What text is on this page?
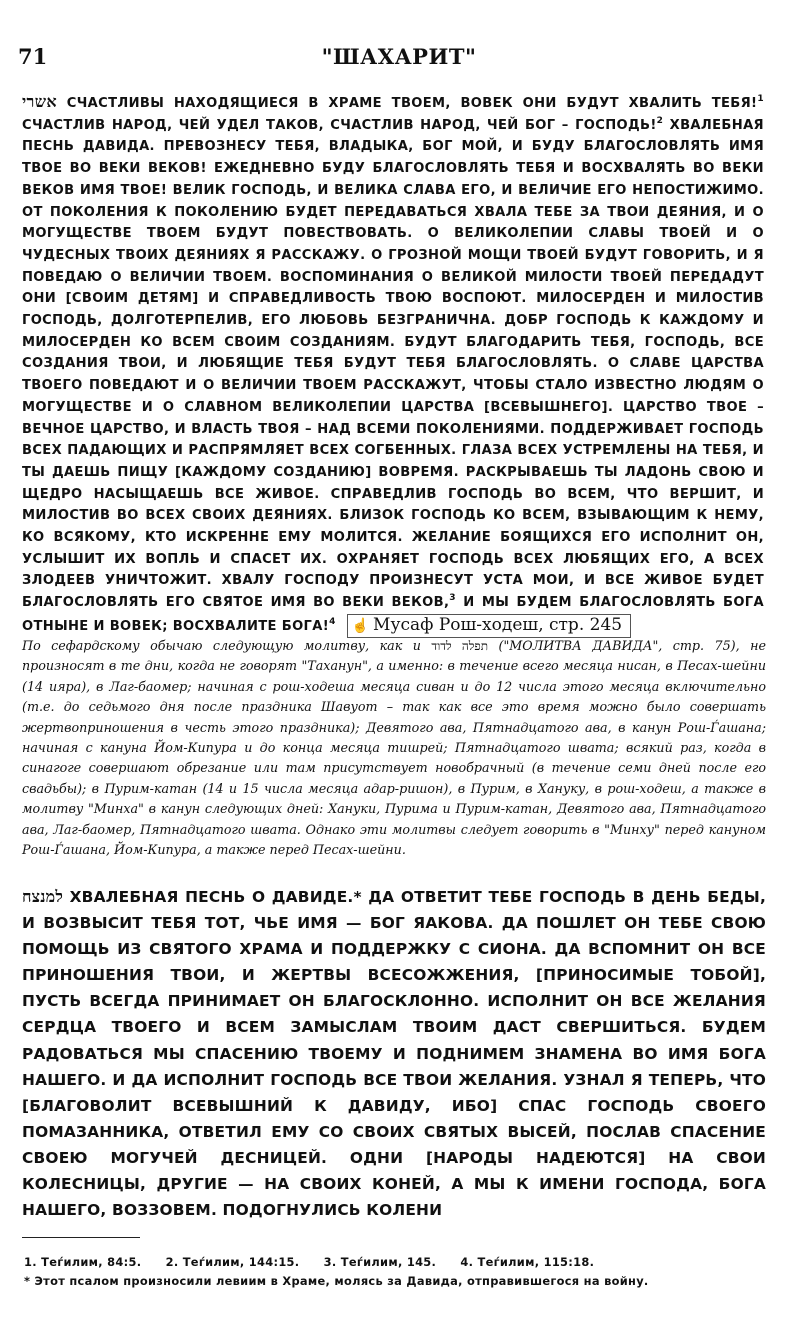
71	"ШАХАРИТ"
אשרי СЧАСТЛИВЫ НАХОДЯЩИЕСЯ В ХРАМЕ ТВОЕМ, ВОВЕК ОНИ БУДУТ ХВАЛИТЬ ТЕБЯ!$^1$ СЧАСТЛИВ НАРОД, ЧЕЙ УДЕЛ ТАКОВ, СЧАСТЛИВ НАРОД, ЧЕЙ БОГ – ГОСПОДЬ!$^2$ ХВАЛЕБНАЯ ПЕСНЬ ДАВИДА. ПРЕВОЗНЕСУ ТЕБЯ, ВЛАДЫКА, БОГ МОЙ, И БУДУ БЛАГОСЛОВЛЯТЬ ИМЯ ТВОЕ ВО ВЕКИ ВЕКОВ! ЕЖЕДНЕВНО БУДУ БЛАГОСЛОВЛЯТЬ ТЕБЯ И ВОСХВАЛЯТЬ ВО ВЕКИ ВЕКОВ ИМЯ ТВОЕ! ВЕЛИК ГОСПОДЬ, И ВЕЛИКА СЛАВА ЕГО, И ВЕЛИЧИЕ ЕГО НЕПОСТИЖИМО. ОТ ПОКОЛЕНИЯ К ПОКОЛЕНИЮ БУДЕТ ПЕРЕДАВАТЬСЯ ХВАЛА ТЕБЕ ЗА ТВОИ ДЕЯНИЯ, И О МОГУЩЕСТВЕ ТВОЕМ БУДУТ ПОВЕСТВОВАТЬ. О ВЕЛИКОЛЕПИИ СЛАВЫ ТВОЕЙ И О ЧУДЕСНЫХ ТВОИХ ДЕЯНИЯХ Я РАССКАЖУ. О ГРОЗНОЙ МОЩИ ТВОЕЙ БУДУТ ГОВОРИТЬ, И Я ПОВЕДАЮ О ВЕЛИЧИИ ТВОЕМ. ВОСПОМИНАНИЯ О ВЕЛИКОЙ МИЛОСТИ ТВОЕЙ ПЕРЕДАДУТ ОНИ [СВОИМ ДЕТЯМ] И СПРАВЕДЛИВОСТЬ ТВОЮ ВОСПОЮТ. МИЛОСЕРДЕН И МИЛОСТИВ ГОСПОДЬ, ДОЛГОТЕРПЕЛИВ, ЕГО ЛЮБОВЬ БЕЗГРАНИЧНА. ДОБР ГОСПОДЬ К КАЖДОМУ И МИЛОСЕРДЕН КО ВСЕМ СВОИМ СОЗДАНИЯМ. БУДУТ БЛАГОДАРИТЬ ТЕБЯ, ГОСПОДЬ, ВСЕ СОЗДАНИЯ ТВОИ, И ЛЮБЯЩИЕ ТЕБЯ БУДУТ ТЕБЯ БЛАГОСЛОВЛЯТЬ. О СЛАВЕ ЦАРСТВА ТВОЕГО ПОВЕДАЮТ И О ВЕЛИЧИИ ТВОЕМ РАССКАЖУТ, ЧТОБЫ СТАЛО ИЗВЕСТНО ЛЮДЯМ О МОГУЩЕСТВЕ И О СЛАВНОМ ВЕЛИКОЛЕПИИ ЦАРСТВА [ВСЕВЫШНЕГО]. ЦАРСТВО ТВОЕ – ВЕЧНОЕ ЦАРСТВО, И ВЛАСТЬ ТВОЯ – НАД ВСЕМИ ПОКОЛЕНИЯМИ. ПОДДЕРЖИВАЕТ ГОСПОДЬ ВСЕХ ПАДАЮЩИХ И РАСПРЯМЛЯЕТ ВСЕХ СОГБЕННЫХ. ГЛАЗА ВСЕХ УСТРЕМЛЕНЫ НА ТЕБЯ, И ТЫ ДАЕШЬ ПИЩУ [КАЖДОМУ СОЗДАНИЮ] ВОВРЕМЯ. РАСКРЫВАЕШЬ ТЫ ЛАДОНЬ СВОЮ И ЩЕДРО НАСЫЩАЕШЬ ВСЕ ЖИВОЕ. СПРАВЕДЛИВ ГОСПОДЬ ВО ВСЕМ, ЧТО ВЕРШИТ, И МИЛОСТИВ ВО ВСЕХ СВОИХ ДЕЯНИЯХ. БЛИЗОК ГОСПОДЬ КО ВСЕМ, ВЗЫВАЮЩИМ К НЕМУ, КО ВСЯКОМУ, КТО ИСКРЕННЕ ЕМУ МОЛИТСЯ. ЖЕЛАНИЕ БОЯЩИХСЯ ЕГО ИСПОЛНИТ ОН, УСЛЫШИТ ИХ ВОПЛЬ И СПАСЕТ ИХ. ОХРАНЯЕТ ГОСПОДЬ ВСЕХ ЛЮБЯЩИХ ЕГО, А ВСЕХ ЗЛОДЕЕВ УНИЧТОЖИТ. ХВАЛУ ГОСПОДУ ПРОИЗНЕСУТ УСТА МОИ, И ВСЕ ЖИВОЕ БУДЕТ БЛАГОСЛОВЛЯТЬ ЕГО СВЯТОЕ ИМЯ ВО ВЕКИ ВЕКОВ,$^3$ И МЫ БУДЕМ БЛАГОСЛОВЛЯТЬ БОГА ОТНЫНЕ И ВОВЕК; ВОСХВАЛИТЕ БОГА!$^4$ ☝ Мусаф Рош-ходеш, стр. 245
По сефардскому обычаю следующую молитву, как и תפלה לדוד ("МОЛИТВА ДАВИДА", стр. 75), не произносят в те дни, когда не говорят "Таханун", а именно: в течение всего месяца нисан, в Песах-шейни (14 ияра), в Лаг-баомер; начиная с рош-ходеша месяца сиван и до 12 числа этого месяца включительно (т.е. до седьмого дня после праздника Шавуот – так как все это время можно было совершать жертвоприношения в честь этого праздника); Девятого ава, Пятнадцатого ава, в канун Рош-Ѓашана; начиная с кануна Йом-Кипура и до конца месяца тишрей; Пятнадцатого швата; всякий раз, когда в синагоге совершают обрезание или там присутствует новобрачный (в течение семи дней после его свадьбы); в Пурим-катан (14 и 15 числа месяца адар-ришон), в Пурим, в Хануку, в рош-ходеш, а также в молитву "Минха" в канун следующих дней: Хануки, Пурима и Пурим-катан, Девятого ава, Пятнадцатого ава, Лаг-баомер, Пятнадцатого швата. Однако эти молитвы следует говорить в "Минху" перед кануном Рош-Ѓашана, Йом-Кипура, а также перед Песах-шейни.
למנצח ХВАЛЕБНАЯ ПЕСНЬ О ДАВИДЕ.* ДА ОТВЕТИТ ТЕБЕ ГОСПОДЬ В ДЕНЬ БЕДЫ, И ВОЗВЫСИТ ТЕБЯ ТОТ, ЧЬЕ ИМЯ — БОГ ЯАКОВА. ДА ПОШЛЕТ ОН ТЕБЕ СВОЮ ПОМОЩЬ ИЗ СВЯТОГО ХРАМА И ПОДДЕРЖКУ С СИОНА. ДА ВСПОМНИТ ОН ВСЕ ПРИНОШЕНИЯ ТВОИ, И ЖЕРТВЫ ВСЕСОЖЖЕНИЯ, [ПРИНОСИМЫЕ ТОБОЙ], ПУСТЬ ВСЕГДА ПРИНИМАЕТ ОН БЛАГОСКЛОННО. ИСПОЛНИТ ОН ВСЕ ЖЕЛАНИЯ СЕРДЦА ТВОЕГО И ВСЕМ ЗАМЫСЛАМ ТВОИМ ДАСТ СВЕРШИТЬСЯ. БУДЕМ РАДОВАТЬСЯ МЫ СПАСЕНИЮ ТВОЕМУ И ПОДНИМЕМ ЗНАМЕНА ВО ИМЯ БОГА НАШЕГО. И ДА ИСПОЛНИТ ГОСПОДЬ ВСЕ ТВОИ ЖЕЛАНИЯ. УЗНАЛ Я ТЕПЕРЬ, ЧТО [БЛАГОВОЛИТ ВСЕВЫШНИЙ К ДАВИДУ, ИБО] СПАС ГОСПОДЬ СВОЕГО ПОМАЗАННИКА, ОТВЕТИЛ ЕМУ СО СВОИХ СВЯТЫХ ВЫСЕЙ, ПОСЛАВ СПАСЕНИЕ СВОЕЮ МОГУЧЕЙ ДЕСНИЦЕЙ. ОДНИ [НАРОДЫ НАДЕЮТСЯ] НА СВОИ КОЛЕСНИЦЫ, ДРУГИЕ — НА СВОИХ КОНЕЙ, А МЫ К ИМЕНИ ГОСПОДА, БОГА НАШЕГО, ВОЗЗОВЕМ. ПОДОГНУЛИСЬ КОЛЕНИ
1. Теѓилим, 84:5. 2. Теѓилим, 144:15. 3. Теѓилим, 145. 4. Теѓилим, 115:18.
* Этот псалом произносили левиим в Храме, молясь за Давида, отправившегося на войну.
